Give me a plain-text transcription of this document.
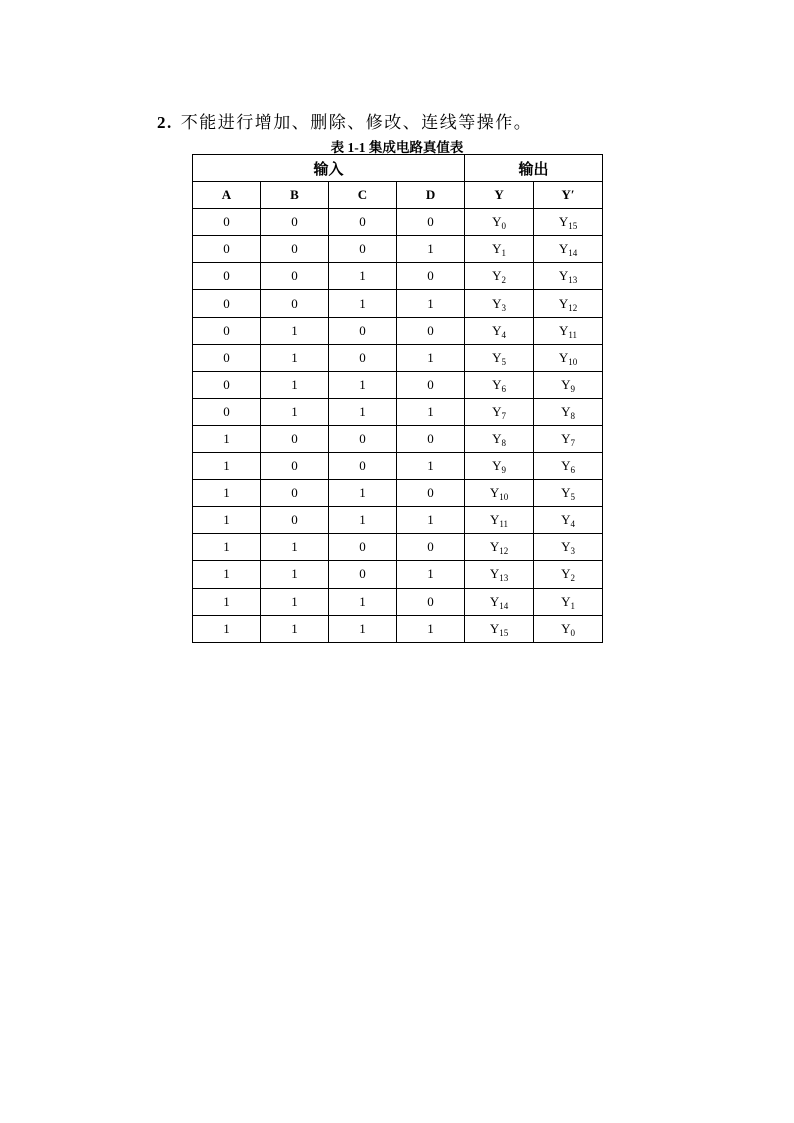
2. 不能进行增加、删除、修改、连线等操作。
表 1-1 集成电路真值表
输入				输出	
A	B	C	D	Y	Y′
0	0	0	0	$Y_0$	$Y_{15}$
0	0	0	1	$Y_1$	$Y_{14}$
0	0	1	0	$Y_2$	$Y_{13}$
0	0	1	1	$Y_3$	$Y_{12}$
0	1	0	0	$Y_4$	$Y_{11}$
0	1	0	1	$Y_5$	$Y_{10}$
0	1	1	0	$Y_6$	$Y_9$
0	1	1	1	$Y_7$	$Y_8$
1	0	0	0	$Y_8$	$Y_7$
1	0	0	1	$Y_9$	$Y_6$
1	0	1	0	$Y_{10}$	$Y_5$
1	0	1	1	$Y_{11}$	$Y_4$
1	1	0	0	$Y_{12}$	$Y_3$
1	1	0	1	$Y_{13}$	$Y_2$
1	1	1	0	$Y_{14}$	$Y_1$
1	1	1	1	$Y_{15}$	$Y_0$
